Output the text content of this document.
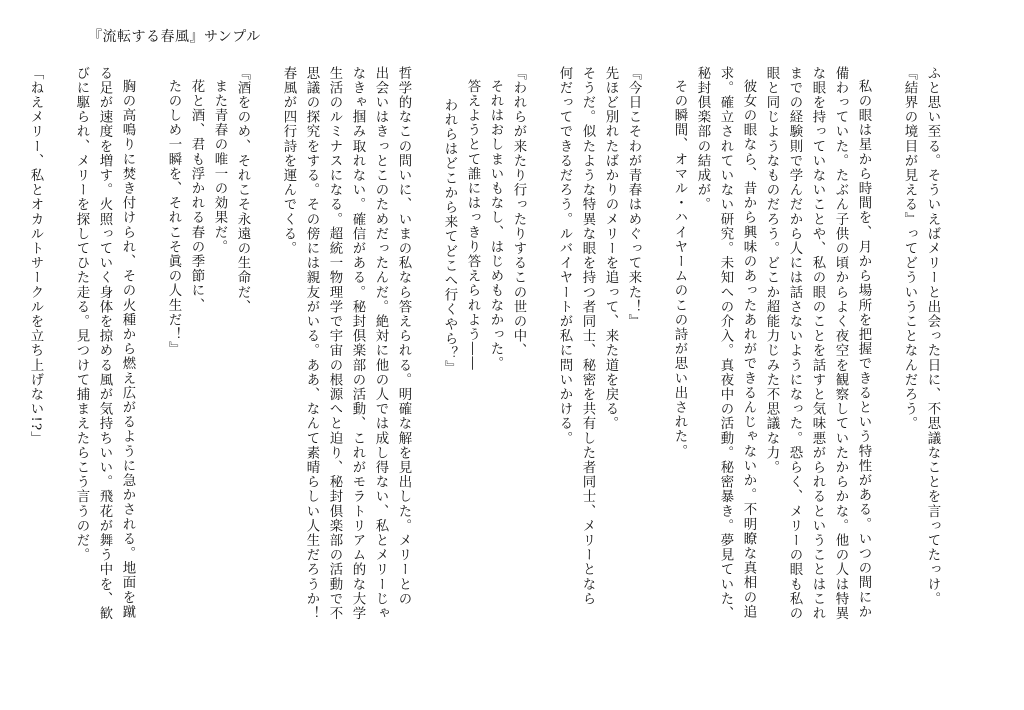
『流転する春風』サンプル
ふと思い至る。そういえばメリーと出会った日に、不思議なことを言ってたっけ。
『結界の境目が見える』ってどういうことなんだろう。
私の眼は星から時間を、月から場所を把握できるという特性がある。いつの間にか
備わっていた。たぶん子供の頃からよく夜空を観察していたからかな。他の人は特異
な眼を持っていないことや、私の眼のことを話すと気味悪がられるということはこれ
までの経験則で学んだから人には話さないようになった。恐らく、メリーの眼も私の
眼と同じようなものだろう。どこか超能力じみた不思議な力。
彼女の眼なら、昔から興味のあったあれができるんじゃないか。不明瞭な真相の追
求。確立されていない研究。未知への介入。真夜中の活動。秘密暴き。夢見ていた、
秘封倶楽部の結成が。
その瞬間、オマル・ハイヤームのこの詩が思い出された。
『今日こそわが青春はめぐって来た！』
先ほど別れたばかりのメリーを追って、来た道を戻る。
そうだ。似たような特異な眼を持つ者同士、秘密を共有した者同士、メリーとなら
何だってできるだろう。ルバイヤートが私に問いかける。
『われらが来たり行ったりするこの世の中、
それはおしまいもなし、はじめもなかった。
答えようとて誰にはっきり答えられよう――
われらはどこから来てどこへ行くやら？』
哲学的なこの問いに、いまの私なら答えられる。明確な解を見出した。メリーとの
出会いはきっとこのためだったんだ。絶対に他の人では成し得ない、私とメリーじゃ
なきゃ掴み取れない。確信がある。秘封倶楽部の活動、これがモラトリアム的な大学
生活のルミナスになる。超統一物理学で宇宙の根源へと迫り、秘封倶楽部の活動で不
思議の探究をする。その傍には親友がいる。ああ、なんて素晴らしい人生だろうか！
春風が四行詩を運んでくる。
『酒をのめ、それこそ永遠の生命だ、
また青春の唯一の効果だ。
花と酒、君も浮かれる春の季節に、
たのしめ一瞬を、それこそ眞の人生だ！』
胸の高鳴りに焚き付けられ、その火種から燃え広がるように急かされる。地面を蹴
る足が速度を増す。火照っていく身体を掠める風が気持ちいい。飛花が舞う中を、歓
びに駆られ、メリーを探してひた走る。見つけて捕まえたらこう言うのだ。
「ねえメリー、私とオカルトサークルを立ち上げない!?」
